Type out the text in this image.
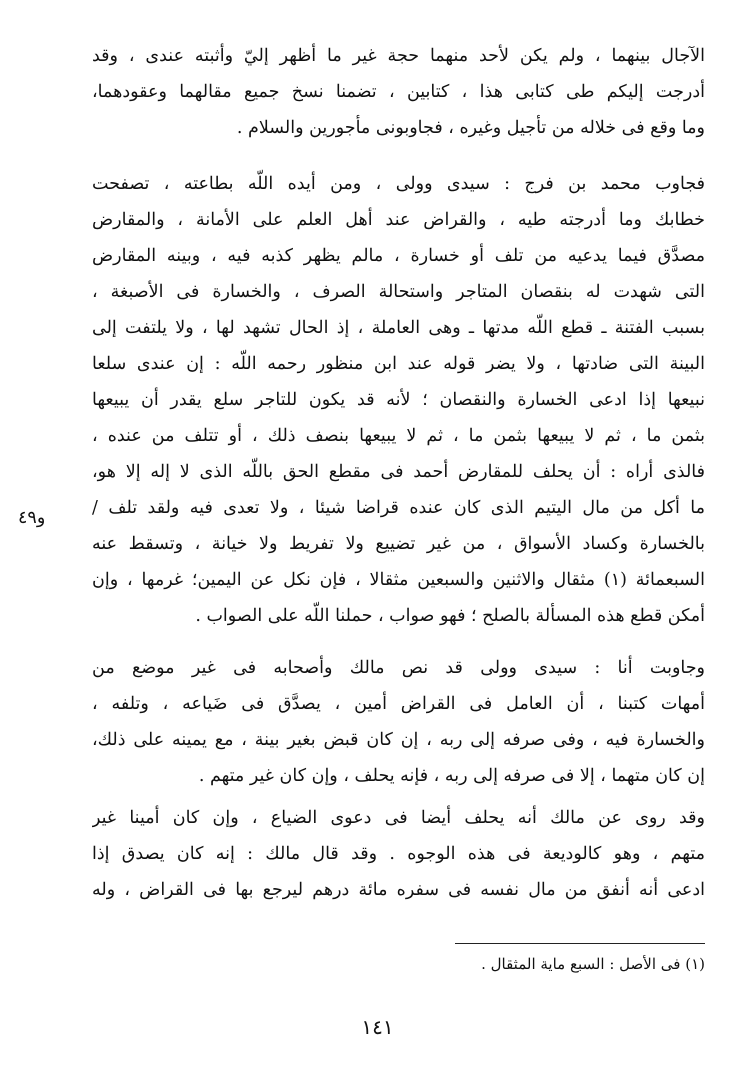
الآجال بينهما ، ولم يكن لأحد منهما حجة غير ما أظهر إليّ وأثبته عندى ، وقد
أدرجت إليكم طى كتابى هذا ، كتابين ، تضمنا نسخ جميع مقالهما وعقودهما،
وما وقع فى خلاله من تأجيل وغيره ، فجاوبونى مأجورين والسلام .
فجاوب محمد بن فرج : سيدى وولى ، ومن أيده اللّه بطاعته ، تصفحت
خطابك وما أدرجته طيه ، والقراض عند أهل العلم على الأمانة ، والمقارض
مصدَّق فيما يدعيه من تلف أو خسارة ، مالم يظهر كذبه فيه ، وبينه المقارض
التى شهدت له بنقصان المتاجر واستحالة الصرف ، والخسارة فى الأصبغة ،
بسبب الفتنة ـ قطع اللّه مدتها ـ وهى العاملة ، إذ الحال تشهد لها ، ولا يلتفت إلى
البينة التى ضادتها ، ولا يضر قوله عند ابن منظور رحمه اللّه : إن عندى سلعا
نبيعها إذا ادعى الخسارة والنقصان ؛ لأنه قد يكون للتاجر سلع يقدر أن يبيعها
بثمن ما ، ثم لا يبيعها بثمن ما ، ثم لا يبيعها بنصف ذلك ، أو تتلف من عنده ،
فالذى أراه : أن يحلف للمقارض أحمد فى مقطع الحق باللّه الذى لا إله إلا هو،
ما أكل من مال اليتيم الذى كان عنده قراضا شيئا ، ولا تعدى فيه ولقد تلف /
بالخسارة وكساد الأسواق ، من غير تضييع ولا تفريط ولا خيانة ، وتسقط عنه
السبعمائة (١) مثقال والاثنين والسبعين مثقالا ، فإن نكل عن اليمين؛ غرمها ، وإن
أمكن قطع هذه المسألة بالصلح ؛ فهو صواب ، حملنا اللّه على الصواب .
و٤٩
وجاوبت أنا : سيدى وولى قد نص مالك وأصحابه فى غير موضع من
أمهات كتبنا ، أن العامل فى القراض أمين ، يصدَّق فى ضَياعه ، وتلفه ،
والخسارة فيه ، وفى صرفه إلى ربه ، إن كان قبض بغير بينة ، مع يمينه على ذلك،
إن كان متهما ، إلا فى صرفه إلى ربه ، فإنه يحلف ، وإن كان غير متهم .
وقد روى عن مالك أنه يحلف أيضا فى دعوى الضياع ، وإن كان أمينا غير
متهم ، وهو كالوديعة فى هذه الوجوه . وقد قال مالك : إنه كان يصدق إذا
ادعى أنه أنفق من مال نفسه فى سفره مائة درهم ليرجع بها فى القراض ، وله
(١) فى الأصل : السبع ماية المثقال .
١٤١
